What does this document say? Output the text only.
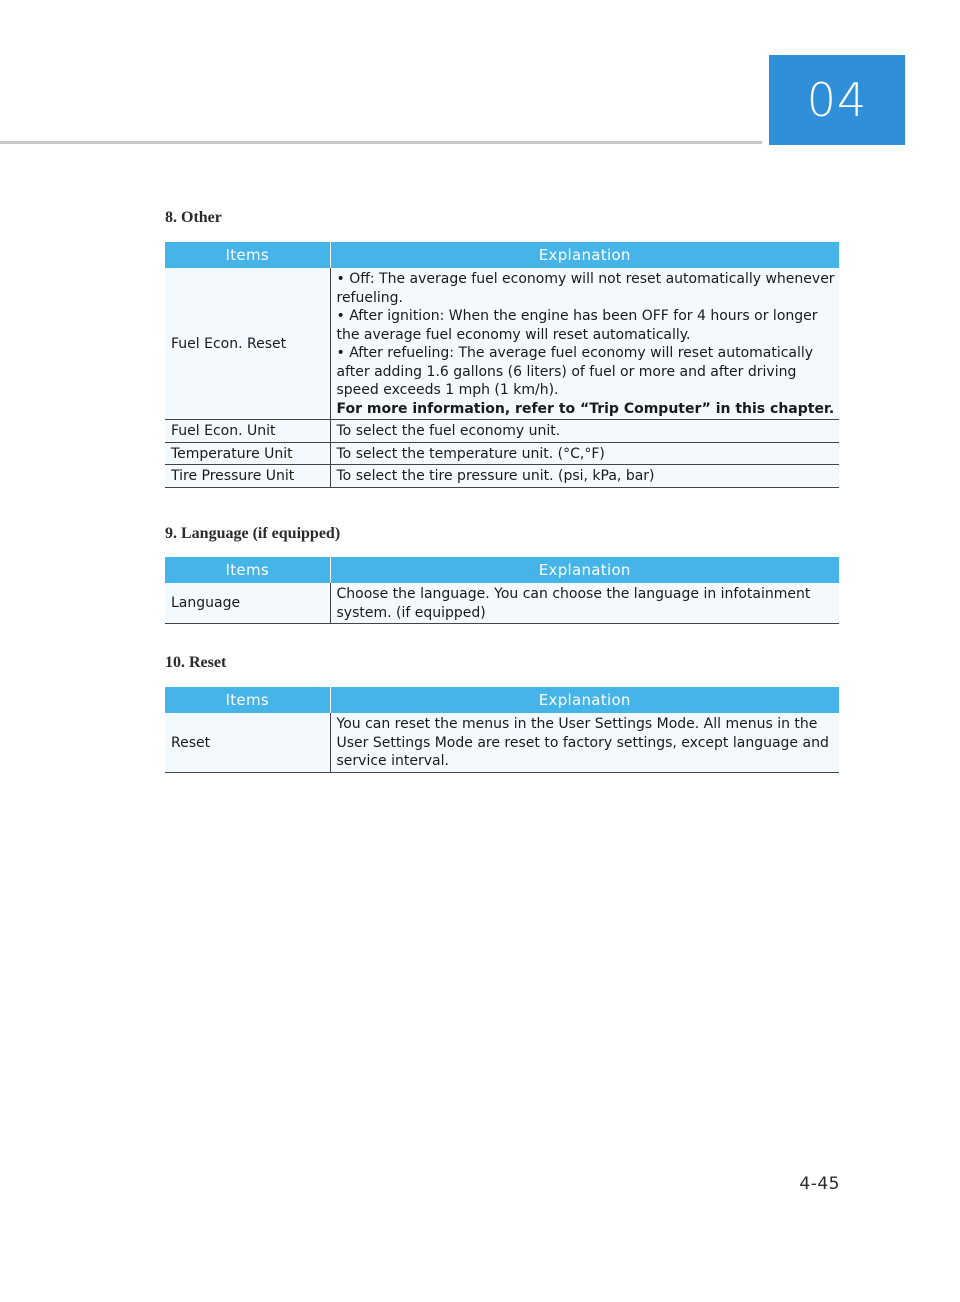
04
8. Other
Items	Explanation
Fuel Econ. Reset	• Off: The average fuel economy will not reset automatically whenever refueling.
• After ignition: When the engine has been OFF for 4 hours or longer the average fuel economy will reset automatically.
• After refueling: The average fuel economy will reset automatically after adding 1.6 gallons (6 liters) of fuel or more and after driving speed exceeds 1 mph (1 km/h).
For more information, refer to “Trip Computer” in this chapter.

Fuel Econ. Unit	To select the fuel economy unit.
Temperature Unit	To select the temperature unit. (°C,°F)
Tire Pressure Unit	To select the tire pressure unit. (psi, kPa, bar)
9. Language (if equipped)
Items	Explanation
Language	Choose the language. You can choose the language in infotainment system. (if equipped)
10. Reset
Items	Explanation
Reset	You can reset the menus in the User Settings Mode. All menus in the User Settings Mode are reset to factory settings, except language and service interval.
4-45
